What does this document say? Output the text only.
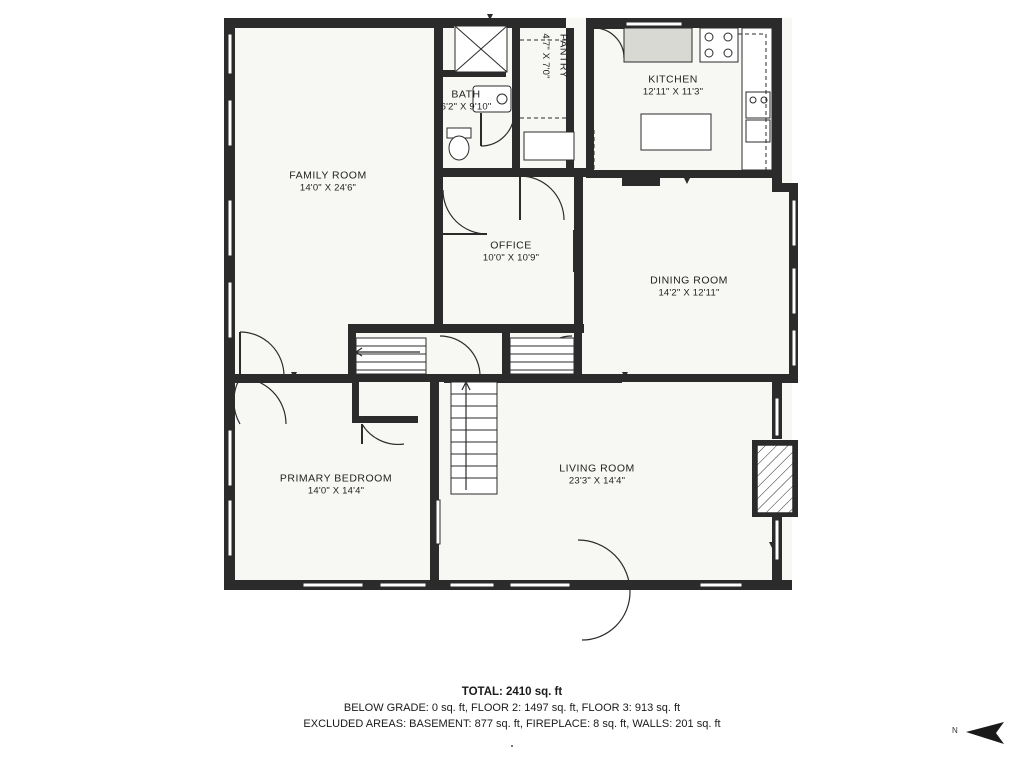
FAMILY ROOM
14'0" X 24'6"
BATH
6'2" X 9'10"
PANTRY
4'7" X 7'0"
KITCHEN
12'11" X 11'3"
OFFICE
10'0" X 10'9"
DINING ROOM
14'2" X 12'11"
PRIMARY BEDROOM
14'0" X 14'4"
LIVING ROOM
23'3" X 14'4"
TOTAL: 2410 sq. ft
BELOW GRADE: 0 sq. ft, FLOOR 2: 1497 sq. ft, FLOOR 3: 913 sq. ft
EXCLUDED AREAS: BASEMENT: 877 sq. ft, FIREPLACE: 8 sq. ft, WALLS: 201 sq. ft
N
